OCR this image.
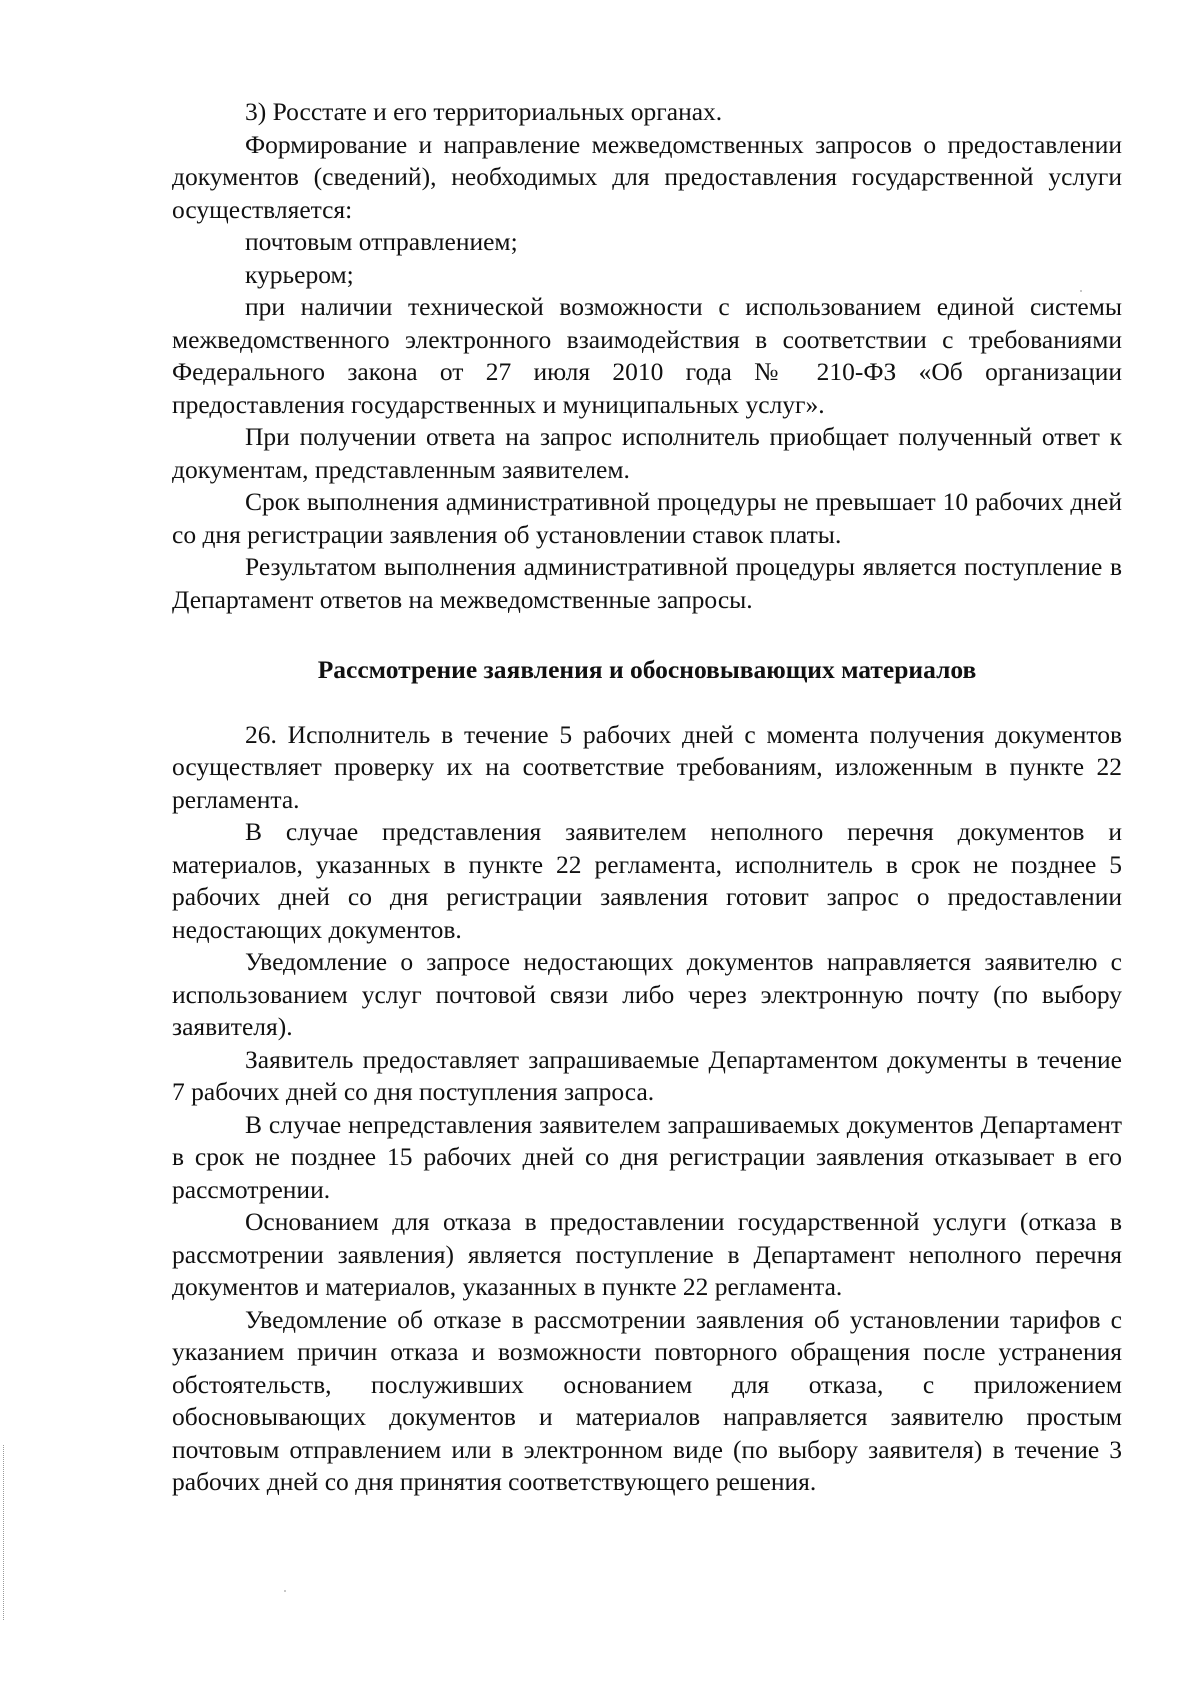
3) Росстате и его территориальных органах.

Формирование и направление межведомственных запросов о предоставлении документов (сведений), необходимых для предоставления государственной услуги осуществляется:

почтовым отправлением;

курьером;

при наличии технической возможности с использованием единой системы межведомственного электронного взаимодействия в соответствии с требованиями Федерального закона от 27 июля 2010 года № 210-ФЗ «Об организации предоставления государственных и муниципальных услуг».

При получении ответа на запрос исполнитель приобщает полученный ответ к документам, представленным заявителем.

Срок выполнения административной процедуры не превышает 10 рабочих дней со дня регистрации заявления об установлении ставок платы.

Результатом выполнения административной процедуры является поступление в Департамент ответов на межведомственные запросы.

Рассмотрение заявления и обосновывающих материалов

26. Исполнитель в течение 5 рабочих дней с момента получения документов осуществляет проверку их на соответствие требованиям, изложенным в пункте 22 регламента.

В случае представления заявителем неполного перечня документов и материалов, указанных в пункте 22 регламента, исполнитель в срок не позднее 5 рабочих дней со дня регистрации заявления готовит запрос о предоставлении недостающих документов.

Уведомление о запросе недостающих документов направляется заявителю с использованием услуг почтовой связи либо через электронную почту (по выбору заявителя).

Заявитель предоставляет запрашиваемые Департаментом документы в течение 7 рабочих дней со дня поступления запроса.

В случае непредставления заявителем запрашиваемых документов Департамент в срок не позднее 15 рабочих дней со дня регистрации заявления отказывает в его рассмотрении.

Основанием для отказа в предоставлении государственной услуги (отказа в рассмотрении заявления) является поступление в Департамент неполного перечня документов и материалов, указанных в пункте 22 регламента.

Уведомление об отказе в рассмотрении заявления об установлении тарифов с указанием причин отказа и возможности повторного обращения после устранения обстоятельств, послуживших основанием для отказа, с приложением обосновывающих документов и материалов направляется заявителю простым почтовым отправлением или в электронном виде (по выбору заявителя) в течение 3 рабочих дней со дня принятия соответствующего решения.
